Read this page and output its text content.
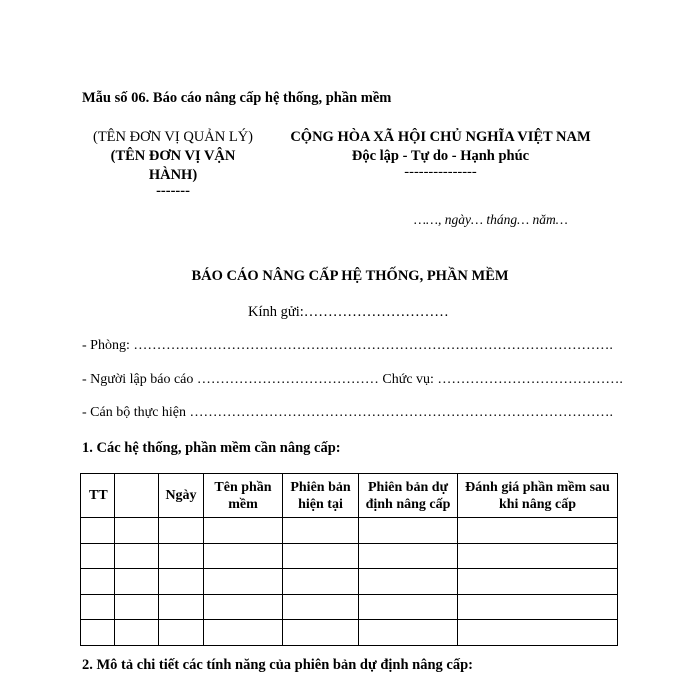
Mẫu số 06. Báo cáo nâng cấp hệ thống, phần mềm
(TÊN ĐƠN VỊ QUẢN LÝ)
(TÊN ĐƠN VỊ VẬN
HÀNH)
-------
CỘNG HÒA XÃ HỘI CHỦ NGHĨA VIỆT NAM
Độc lập - Tự do - Hạnh phúc
---------------
……, ngày… tháng… năm…
BÁO CÁO NÂNG CẤP HỆ THỐNG, PHẦN MỀM
Kính gửi:…………………………
- Phòng: ………………………………………………………………………………………….
- Người lập báo cáo ………………………………… Chức vụ: ………………………………….
- Cán bộ thực hiện ……………………………………………………………………………….
1. Các hệ thống, phần mềm cần nâng cấp:
TT		Ngày	Tên phần mềm	Phiên bản hiện tại	Phiên bản dự định nâng cấp	Đánh giá phần mềm sau khi nâng cấp

2. Mô tả chi tiết các tính năng của phiên bản dự định nâng cấp:
